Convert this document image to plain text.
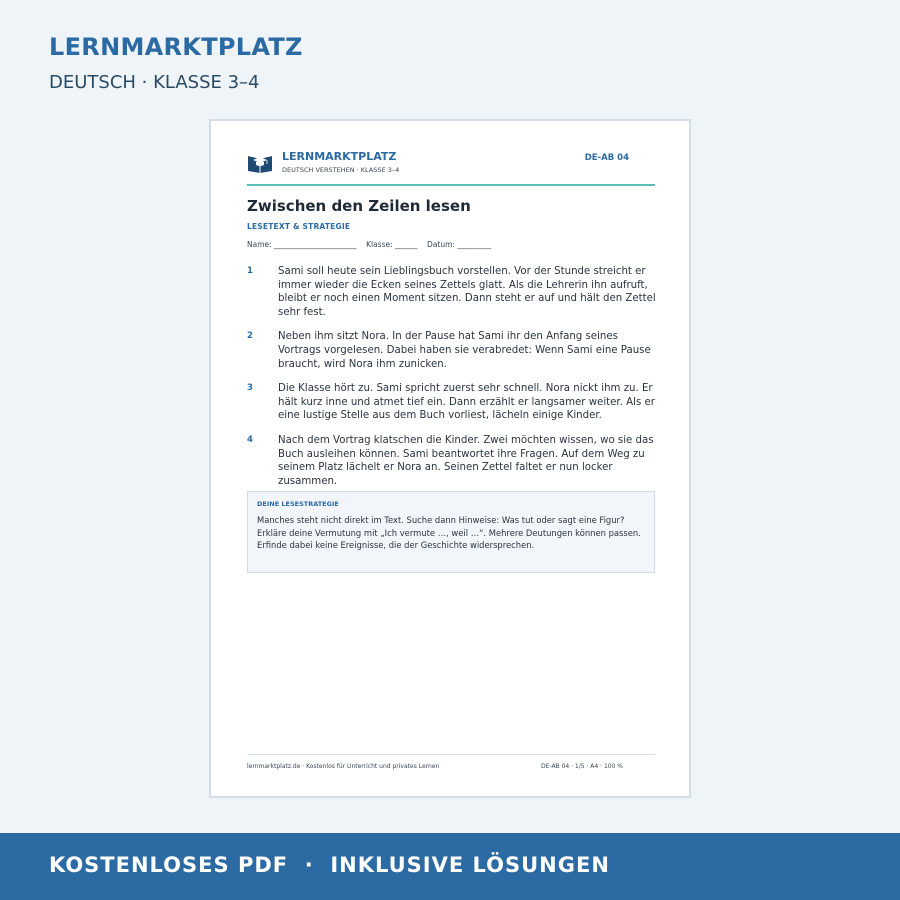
LERNMARKTPLATZ
DEUTSCH · KLASSE 3–4
LERNMARKTPLATZ
DEUTSCH VERSTEHEN · KLASSE 3–4
DE-AB 04
Zwischen den Zeilen lesen
LESETEXT & STRATEGIE
Name: ______________________    Klasse: ______    Datum: _________
1	Sami soll heute sein Lieblingsbuch vorstellen. Vor der Stunde streicht er immer wieder die Ecken seines Zettels glatt. Als die Lehrerin ihn aufruft, bleibt er noch einen Moment sitzen. Dann steht er auf und hält den Zettel sehr fest.
2	Neben ihm sitzt Nora. In der Pause hat Sami ihr den Anfang seines Vortrags vorgelesen. Dabei haben sie verabredet: Wenn Sami eine Pause braucht, wird Nora ihm zunicken.
3	Die Klasse hört zu. Sami spricht zuerst sehr schnell. Nora nickt ihm zu. Er hält kurz inne und atmet tief ein. Dann erzählt er langsamer weiter. Als er eine lustige Stelle aus dem Buch vorliest, lächeln einige Kinder.
4	Nach dem Vortrag klatschen die Kinder. Zwei möchten wissen, wo sie das Buch ausleihen können. Sami beantwortet ihre Fragen. Auf dem Weg zu seinem Platz lächelt er Nora an. Seinen Zettel faltet er nun locker zusammen.
DEINE LESESTRATEGIE
Manches steht nicht direkt im Text. Suche dann Hinweise: Was tut oder sagt eine Figur? Erkläre deine Vermutung mit „Ich vermute …, weil …“. Mehrere Deutungen können passen. Erfinde dabei keine Ereignisse, die der Geschichte widersprechen.
lernmarktplatz.de · Kostenlos für Unterricht und privates Lernen	DE-AB 04 · 1/5 · A4 · 100 %
KOSTENLOSES PDF  ·  INKLUSIVE LÖSUNGEN
